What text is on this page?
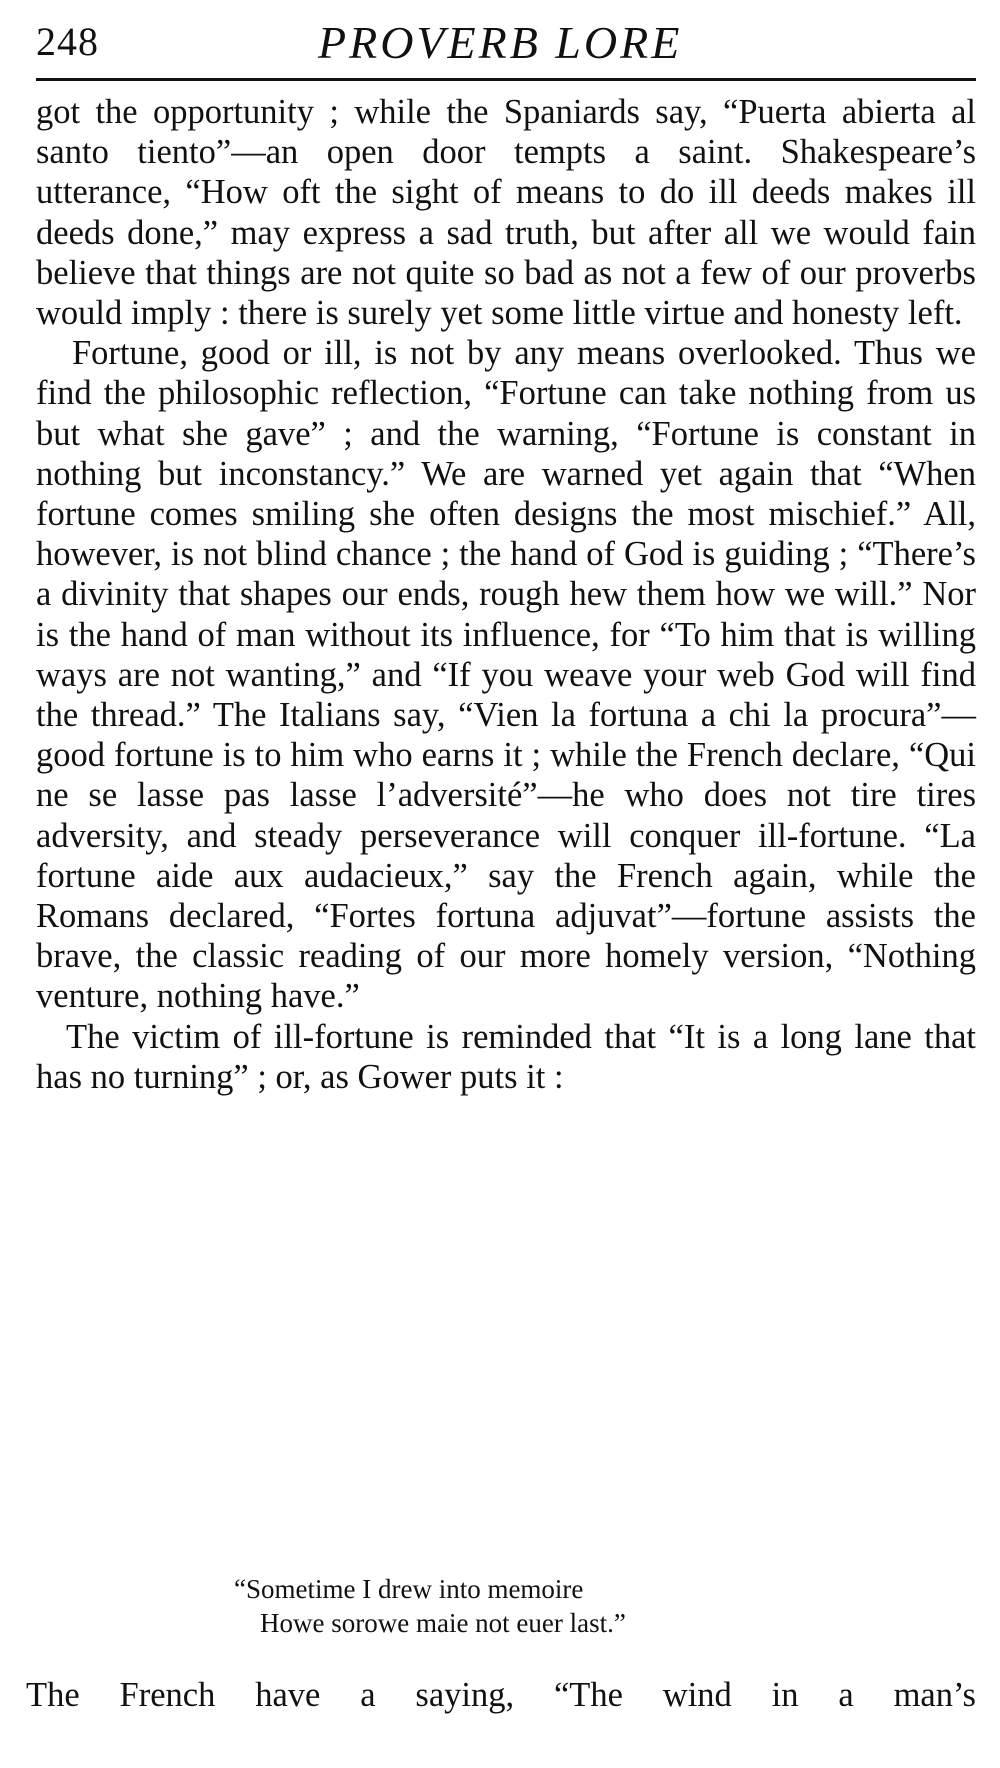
248	PROVERB LORE

got the opportunity ; while the Spaniards say, “Puerta abierta al santo tiento”—an open door tempts a saint. Shakespeare’s utterance, “How oft the sight of means to do ill deeds makes ill deeds done,” may express a sad truth, but after all we would fain believe that things are not quite so bad as not a few of our proverbs would imply : there is surely yet some little virtue and honesty left.

Fortune, good or ill, is not by any means overlooked. Thus we find the philosophic reflection, “Fortune can take nothing from us but what she gave” ; and the warning, “Fortune is constant in nothing but inconstancy.” We are warned yet again that “When fortune comes smiling she often designs the most mischief.” All, however, is not blind chance ; the hand of God is guiding ; “There’s a divinity that shapes our ends, rough hew them how we will.” Nor is the hand of man without its influence, for “To him that is willing ways are not wanting,” and “If you weave your web God will find the thread.” The Italians say, “Vien la fortuna a chi la procura”—good fortune is to him who earns it ; while the French declare, “Qui ne se lasse pas lasse l’adversité”—he who does not tire tires adversity, and steady perseverance will conquer ill-fortune. “La fortune aide aux audacieux,” say the French again, while the Romans declared, “Fortes fortuna adjuvat”—fortune assists the brave, the classic reading of our more homely version, “Nothing venture, nothing have.”

The victim of ill-fortune is reminded that “It is a long lane that has no turning” ; or, as Gower puts it :

“Sometime I drew into memoire
Howe sorowe maie not euer last.”
The French have a saying, “The wind in a man’s
